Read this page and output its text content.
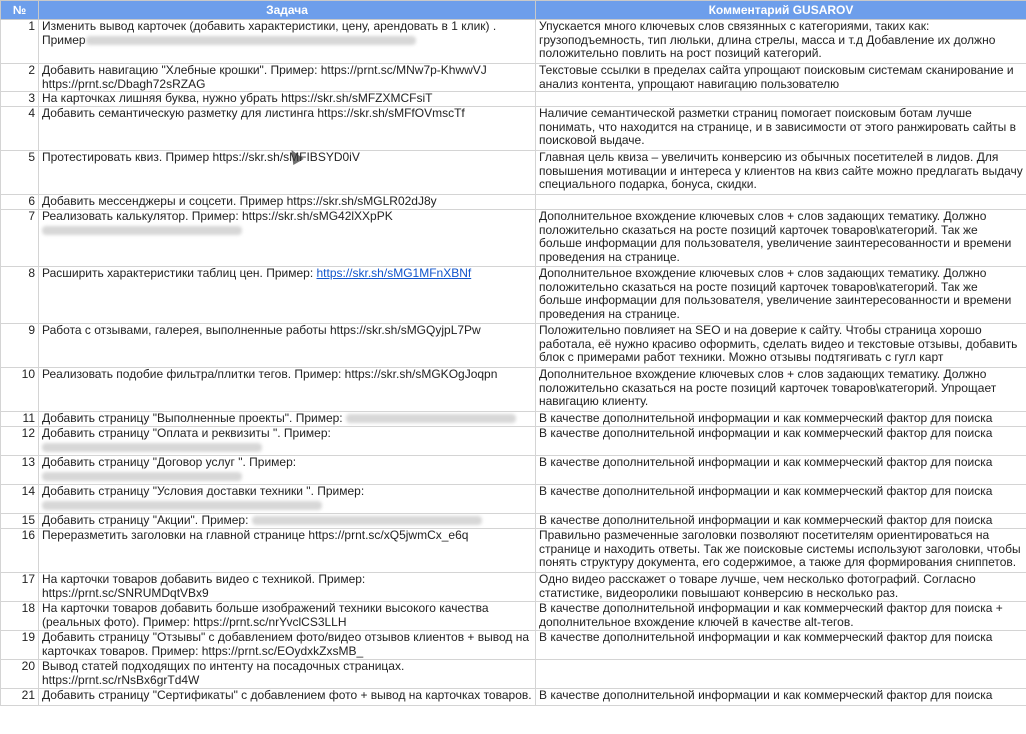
№	Задача	Комментарий GUSAROV
1	Изменить вывод карточек (добавить характеристики, цену, арендовать в 1 клик) .
Пример	Упускается много ключевых слов связянных с категориями, таких как: грузоподъемность, тип люльки, длина стрелы, масса и т.д Добавление их должно положительно повлить на рост позиций категорий.
2	Добавить навигацию "Хлебные крошки". Пример: https://prnt.sc/MNw7p-KhwwVJ https://prnt.sc/Dbagh72sRZAG	Текстовые ссылки в пределах сайта упрощают поисковым системам сканирование и анализ контента, упрощают навигацию пользователю
3	На карточках лишняя буква, нужно убрать https://skr.sh/sMFZXMCFsiT	
4	Добавить семантическую разметку для листинга https://skr.sh/sMFfOVmscTf	Наличие семантической разметки страниц помогает поисковым ботам лучше понимать, что находится на странице, и в зависимости от этого ранжировать сайты в поисковой выдаче.
5	Протестировать квиз. Пример https://skr.sh/sMFIBSYD0iV	Главная цель квиза – увеличить конверсию из обычных посетителей в лидов. Для повышения мотивации и интереса у клиентов на квиз сайте можно предлагать выдачу специального подарка, бонуса, скидки.
6	Добавить мессенджеры и соцсети. Пример https://skr.sh/sMGLR02dJ8y	
7	Реализовать калькулятор. Пример: https://skr.sh/sMG42lXXpPK	Дополнительное вхождение ключевых слов + слов задающих тематику. Должно положительно сказаться на росте позиций карточек товаров\категорий. Так же больше информации для пользователя, увеличение заинтересованности и времени проведения на странице.
8	Расширить характеристики таблиц цен. Пример: https://skr.sh/sMG1MFnXBNf	Дополнительное вхождение ключевых слов + слов задающих тематику. Должно положительно сказаться на росте позиций карточек товаров\категорий. Так же больше информации для пользователя, увеличение заинтересованности и времени проведения на странице.
9	Работа с отзывами, галерея, выполненные работы https://skr.sh/sMGQyjpL7Pw	Положительно повлияет на SEO и на доверие к сайту. Чтобы страница хорошо работала, её нужно красиво оформить, сделать видео и текстовые отзывы, добавить блок с примерами работ техники. Можно отзывы подтягивать с гугл карт
10	Реализовать подобие фильтра/плитки тегов. Пример: https://skr.sh/sMGKOgJoqpn	Дополнительное вхождение ключевых слов + слов задающих тематику. Должно положительно сказаться на росте позиций карточек товаров\категорий. Упрощает навигацию клиенту.
11	Добавить страницу "Выполненные проекты". Пример:	В качестве дополнительной информации и как коммерческий фактор для поиска
12	Добавить страницу "Оплата и реквизиты ". Пример:	В качестве дополнительной информации и как коммерческий фактор для поиска
13	Добавить страницу "Договор услуг ". Пример:	В качестве дополнительной информации и как коммерческий фактор для поиска
14	Добавить страницу "Условия доставки техники ". Пример:	В качестве дополнительной информации и как коммерческий фактор для поиска
15	Добавить страницу "Акции". Пример:	В качестве дополнительной информации и как коммерческий фактор для поиска
16	Переразметить заголовки на главной странице https://prnt.sc/xQ5jwmCx_e6q	Правильно размеченные заголовки позволяют посетителям ориентироваться на странице и находить ответы. Так же поисковые системы используют заголовки, чтобы понять структуру документа, его содержимое, а также для формирования сниппетов.
17	На карточки товаров добавить видео с техникой. Пример: https://prnt.sc/SNRUMDqtVBx9	Одно видео расскажет о товаре лучше, чем несколько фотографий. Согласно статистике, видеоролики повышают конверсию в несколько раз.
18	На карточки товаров добавить больше изображений техники высокого качества (реальных фото). Пример: https://prnt.sc/nrYvclCS3LLH	В качестве дополнительной информации и как коммерческий фактор для поиска + дополнительное вхождение ключей в качестве alt-тегов.
19	Добавить страницу "Отзывы" с добавлением фото/видео отзывов клиентов + вывод на карточках товаров. Пример: https://prnt.sc/EOydxkZxsMB_	В качестве дополнительной информации и как коммерческий фактор для поиска
20	Вывод статей подходящих по интенту на посадочных страницах. https://prnt.sc/rNsBx6grTd4W	
21	Добавить страницу "Сертификаты" с добавлением фото + вывод на карточках товаров.	В качестве дополнительной информации и как коммерческий фактор для поиска
